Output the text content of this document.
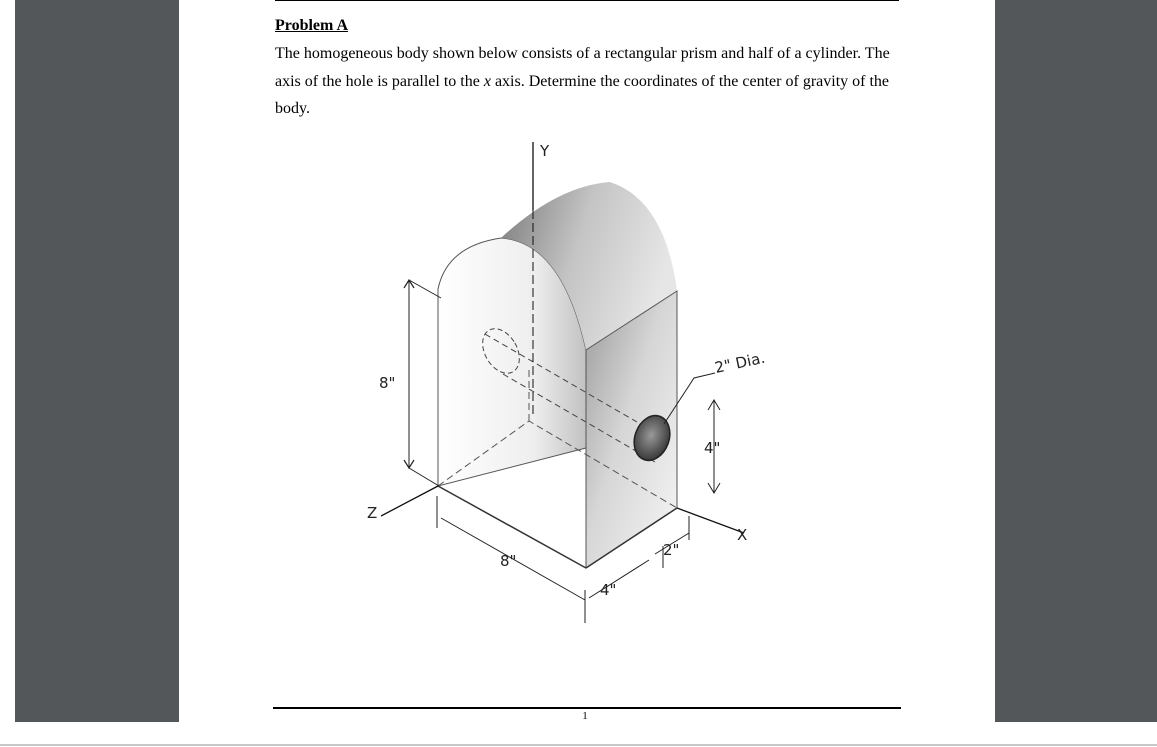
Problem A

The homogeneous body shown below consists of a rectangular prism and half of a cylinder. The axis of the hole is parallel to the x axis. Determine the coordinates of the center of gravity of the body.

Y
8"
Z
8"
4"
2"
X
4"
2" Dia.
1
